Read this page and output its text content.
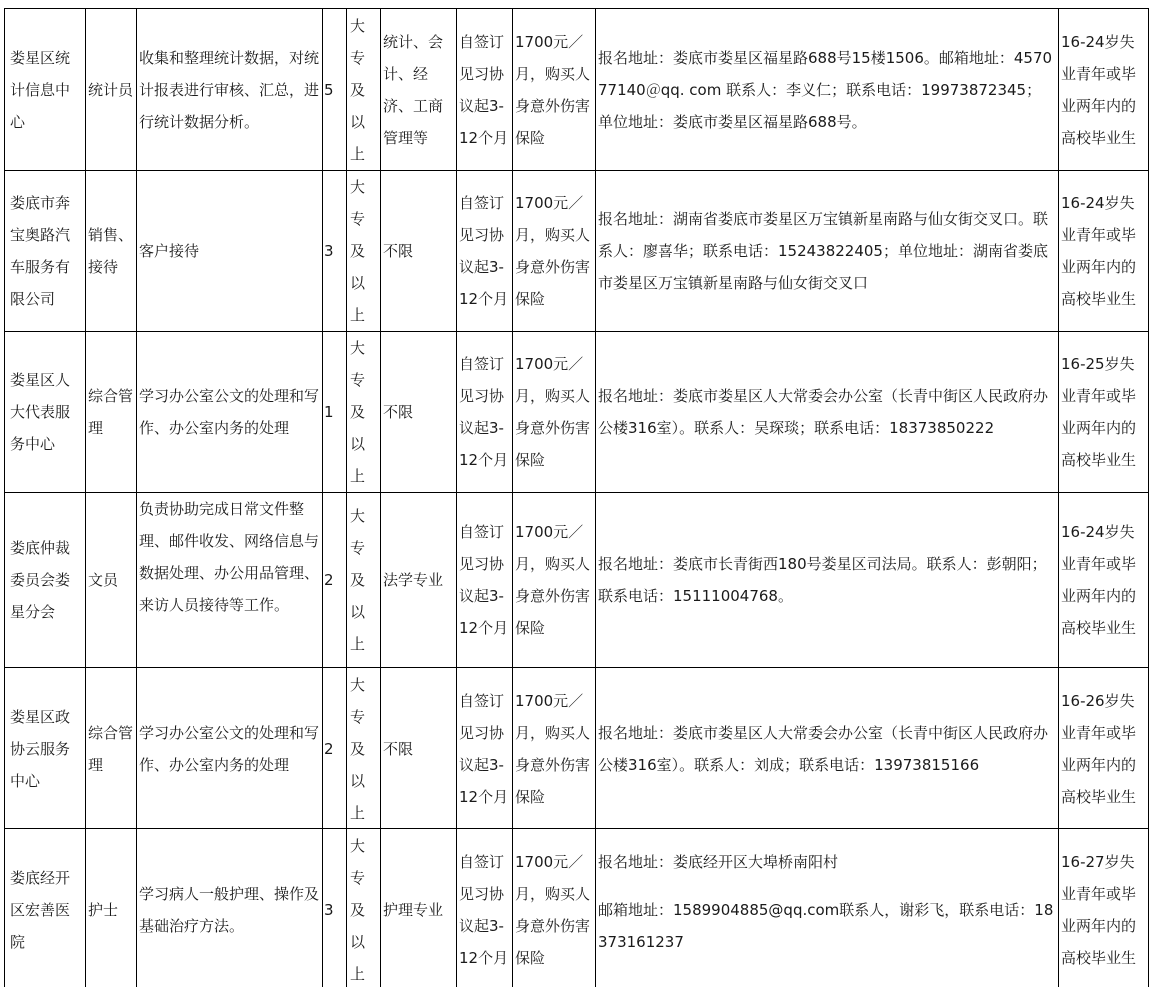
娄星区统计信息中心
统计员
收集和整理统计数据，对统计报表进行审核、汇总，进行统计数据分析。
5
大专及以上
统计、会计、经济、工商管理等
自签订见习协议起3-12个月
1700元／月，购买人身意外伤害保险
报名地址：娄底市娄星区福星路688号15楼1506。邮箱地址：457077140＠qq. com 联系人：李义仁；联系电话：19973872345；单位地址：娄底市娄星区福星路688号。
16-24岁失业青年或毕业两年内的高校毕业生
娄底市奔宝奥路汽车服务有限公司
销售、接待
客户接待	3
大专及以上
不限
自签订见习协议起3-12个月
1700元／月，购买人身意外伤害保险
报名地址：湖南省娄底市娄星区万宝镇新星南路与仙女街交叉口。联系人：廖喜华；联系电话：15243822405；单位地址：湖南省娄底市娄星区万宝镇新星南路与仙女街交叉口
16-24岁失业青年或毕业两年内的高校毕业生
娄星区人大代表服务中心
综合管理
学习办公室公文的处理和写作、办公室内务的处理
1
大专及以上
不限
自签订见习协议起3-12个月
1700元／月，购买人身意外伤害保险
报名地址：娄底市娄星区人大常委会办公室（长青中街区人民政府办公楼316室）。联系人：吴琛琰；联系电话：18373850222
16-25岁失业青年或毕业两年内的高校毕业生
娄底仲裁委员会娄星分会
文员
负责协助完成日常文件整理、邮件收发、网络信息与数据处理、办公用品管理、来访人员接待等工作。
2
大专及以上
法学专业
自签订见习协议起3-12个月
1700元／月，购买人身意外伤害保险
报名地址：娄底市长青街西180号娄星区司法局。联系人：彭朝阳；联系电话：15111004768。
16-24岁失业青年或毕业两年内的高校毕业生
娄星区政协云服务中心
综合管理
学习办公室公文的处理和写作、办公室内务的处理
2
大专及以上
不限
自签订见习协议起3-12个月
1700元／月，购买人身意外伤害保险
报名地址：娄底市娄星区人大常委会办公室（长青中街区人民政府办公楼316室）。联系人：刘成；联系电话：13973815166
16-26岁失业青年或毕业两年内的高校毕业生
娄底经开区宏善医院
护士
学习病人一般护理、操作及基础治疗方法。
3
大专及以上
护理专业
自签订见习协议起3-12个月
1700元／月，购买人身意外伤害保险
报名地址：娄底经开区大埠桥南阳村
邮箱地址：1589904885@qq.com联系人，谢彩飞，联系电话：18373161237
16-27岁失业青年或毕业两年内的高校毕业生
